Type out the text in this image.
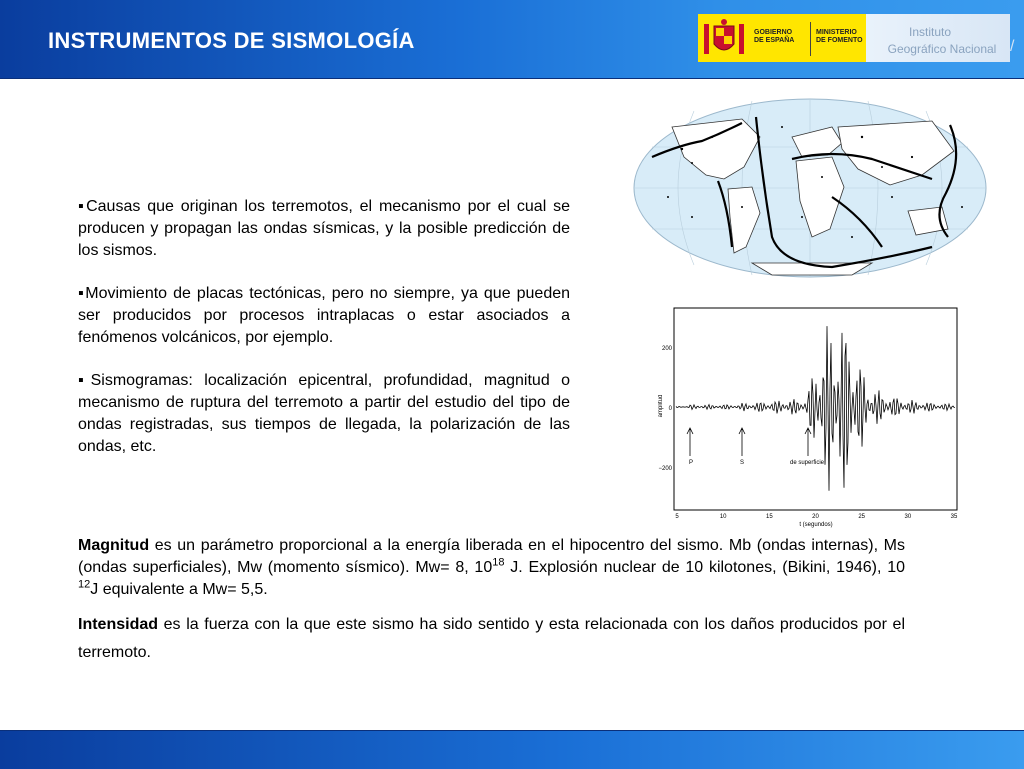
INSTRUMENTOS DE SISMOLOGÍA	GOBIERNO
DE ESPAÑA
MINISTERIO
DE FOMENTO
Instituto
Geográfico Nacional /

▪Causas que originan los terremotos, el mecanismo por el cual se producen y propagan las ondas sísmicas, y la posible predicción de los sismos.

▪Movimiento de placas tectónicas, pero no siempre, ya que pueden ser producidos por procesos intraplacas o estar asociados a fenómenos volcánicos, por ejemplo.

▪Sismogramas: localización epicentral, profundidad, magnitud o mecanismo de ruptura del terremoto a partir del estudio del tipo de ondas registradas, sus tiempos de llegada, la polarización de las ondas, etc.

200
0
−200
amplitud
5	10	15	20	25	30	35
t (segundos)
P	S	de superficie

Magnitud es un parámetro proporcional a la energía liberada en el hipocentro del sismo. Mb (ondas internas), Ms (ondas superficiales), Mw (momento sísmico). Mw= 8, $10^{18}$ J. Explosión nuclear de 10 kilotones, (Bikini, 1946), 10 $^{12}$J equivalente a Mw= 5,5.

Intensidad es la fuerza con la que este sismo ha sido sentido y esta relacionada con los daños producidos por el terremoto.
